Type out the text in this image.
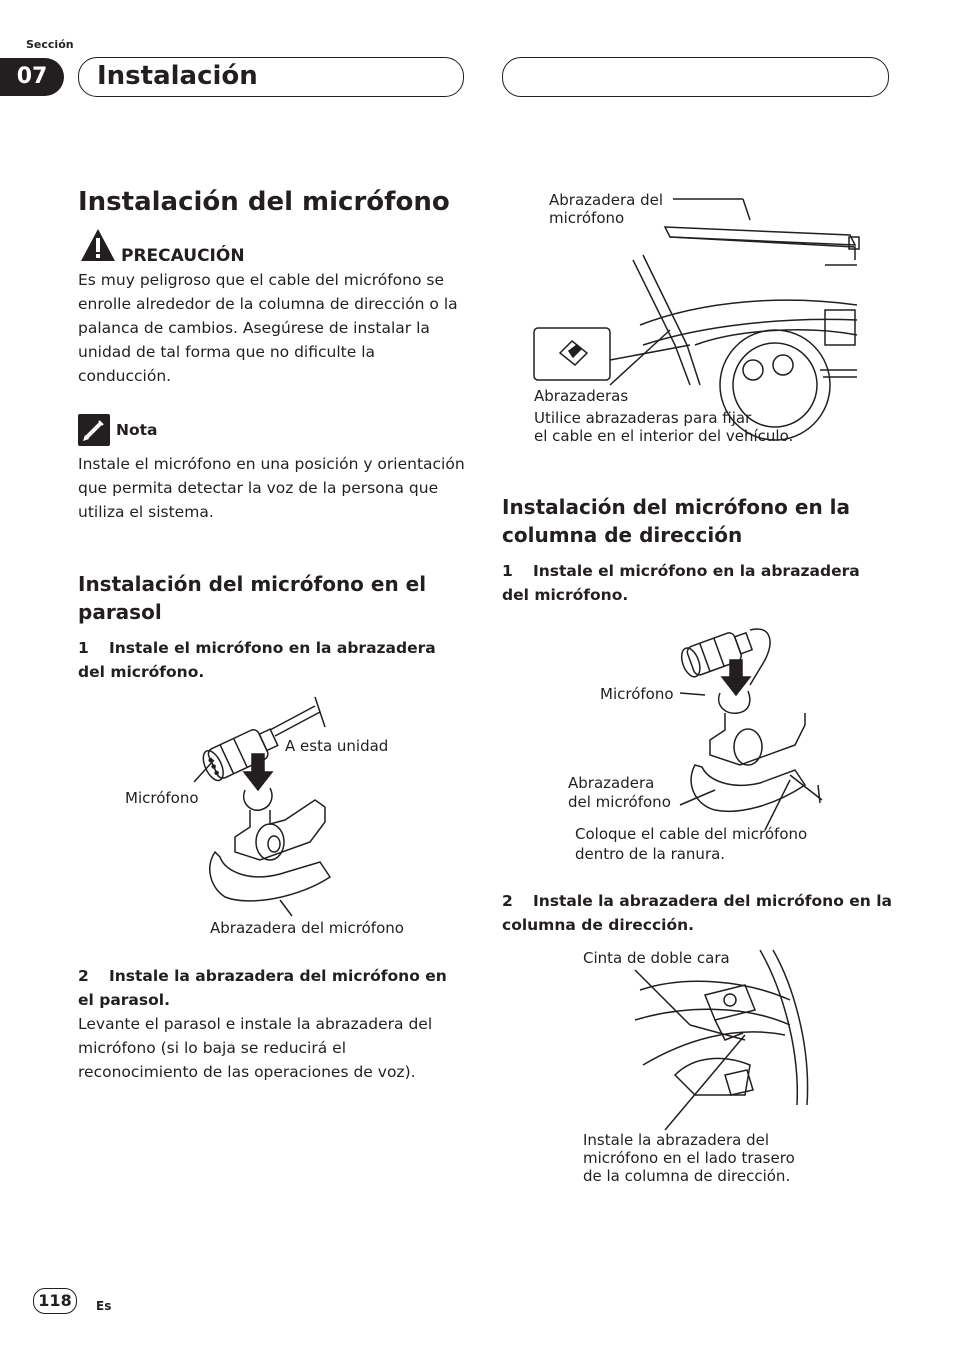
Sección
07	Instalación
Instalación del micrófono
PRECAUCIÓN

Es muy peligroso que el cable del micrófono se enrolle alrededor de la columna de dirección o la palanca de cambios. Asegúrese de instalar la unidad de tal forma que no dificulte la conducción.

Nota

Instale el micrófono en una posición y orientación que permita detectar la voz de la persona que utiliza el sistema.

Instalación del micrófono en el parasol

1 Instale el micrófono en la abrazadera del micrófono.

A esta unidad
Micrófono
Abrazadera del micrófono

2 Instale la abrazadera del micrófono en el parasol.

Levante el parasol e instale la abrazadera del micrófono (si lo baja se reducirá el reconocimiento de las operaciones de voz).

Abrazadera del
micrófono
Abrazaderas
Utilice abrazaderas para fijar
el cable en el interior del vehículo.
Instalación del micrófono en la columna de dirección

1 Instale el micrófono en la abrazadera del micrófono.

Micrófono
Abrazadera
del micrófono
Coloque el cable del micrófono
dentro de la ranura.

2 Instale la abrazadera del micrófono en la columna de dirección.

Cinta de doble cara
Instale la abrazadera del
micrófono en el lado trasero
de la columna de dirección.
118	Es
